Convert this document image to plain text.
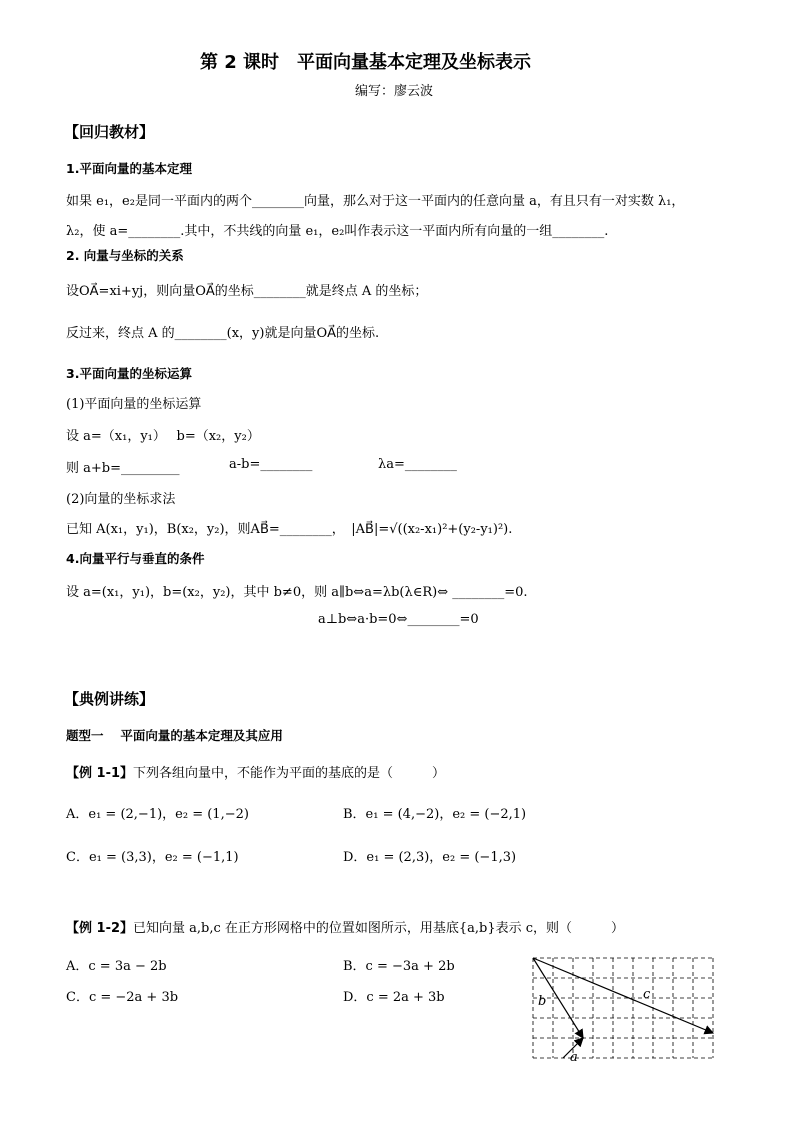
第 2 课时　平面向量基本定理及坐标表示
编写：廖云波
【回归教材】
1.平面向量的基本定理
如果 e₁，e₂是同一平面内的两个________向量，那么对于这一平面内的任意向量 a，有且只有一对实数 λ₁，
λ₂，使 a=________.其中，不共线的向量 e₁，e₂叫作表示这一平面内所有向量的一组________.
2. 向量与坐标的关系
设OA⃗=xi+yj，则向量OA⃗的坐标________就是终点 A 的坐标；
反过来，终点 A 的________(x，y)就是向量OA⃗的坐标.
3.平面向量的坐标运算
(1)平面向量的坐标运算
设 a=（x₁，y₁）　 b=（x₂，y₂）
则 a+b=_________	a-b=________	λa=________
(2)向量的坐标求法
已知 A(x₁，y₁)，B(x₂，y₂)，则AB⃗=________，　|AB⃗|=√((x₂-x₁)²+(y₂-y₁)²).
4.向量平行与垂直的条件
设 a=(x₁，y₁)，b=(x₂，y₂)，其中 b≠0，则 a∥b⇔a=λb(λ∈R)⇔ ________=0.
a⊥b⇔a·b=0⇔________=0
【典例讲练】
题型一　 平面向量的基本定理及其应用
【例 1-1】下列各组向量中，不能作为平面的基底的是（　　　）
A．e₁ = (2,−1)，e₂ = (1,−2)	B．e₁ = (4,−2)，e₂ = (−2,1)
C．e₁ = (3,3)，e₂ = (−1,1)	D．e₁ = (2,3)，e₂ = (−1,3)
【例 1-2】已知向量 a,b,c 在正方形网格中的位置如图所示，用基底{a,b}表示 c，则（　　　）
A．c = 3a − 2b	B．c = −3a + 2b
C．c = −2a + 3b	D．c = 2a + 3b	b	c
a
